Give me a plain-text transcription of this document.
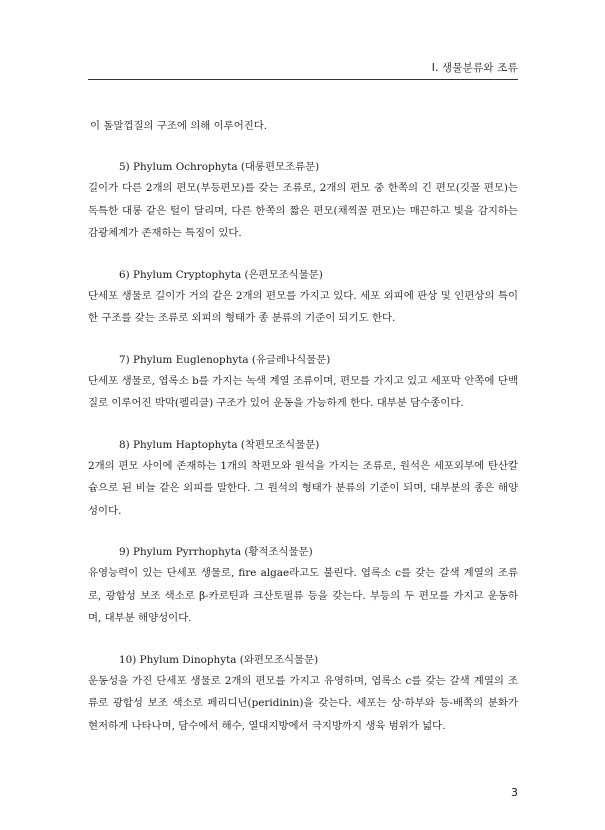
I. 생물분류와 조류

이 돌말껍질의 구조에 의해 이루어진다.

5) Phylum Ochrophyta (대롱편모조류문)

길이가 다른 2개의 편모(부등편모)를 갖는 조류로, 2개의 편모 중 한쪽의 긴 편모(깃꼴 편모)는 독특한 대롱 같은 털이 달리며, 다른 한쪽의 짧은 편모(채찍꼴 편모)는 매끈하고 빛을 감지하는 감광체계가 존재하는 특징이 있다.

6) Phylum Cryptophyta (은편모조식물문)

단세포 생물로 길이가 거의 같은 2개의 편모를 가지고 있다. 세포 외피에 판상 및 인편상의 특이한 구조를 갖는 조류로 외피의 형태가 종 분류의 기준이 되기도 한다.

7) Phylum Euglenophyta (유글레나식물문)

단세포 생물로, 엽록소 b를 가지는 녹색 계열 조류이며, 편모를 가지고 있고 세포막 안쪽에 단백질로 이루어진 박막(펠리클) 구조가 있어 운동을 가능하게 한다. 대부분 담수종이다.

8) Phylum Haptophyta (착편모조식물문)

2개의 편모 사이에 존재하는 1개의 착편모와 원석을 가지는 조류로, 원석은 세포외부에 탄산칼슘으로 된 비늘 같은 외피를 말한다. 그 원석의 형태가 분류의 기준이 되며, 대부분의 종은 해양성이다.

9) Phylum Pyrrhophyta (황적조식물문)

유영능력이 있는 단세포 생물로, fire algae라고도 불린다. 엽록소 c를 갖는 갈색 계열의 조류로, 광합성 보조 색소로 β-카로틴과 크산토필류 등을 갖는다. 부등의 두 편모를 가지고 운동하며, 대부분 해양성이다.

10) Phylum Dinophyta (와편모조식물문)

운동성을 가진 단세포 생물로 2개의 편모를 가지고 유영하며, 엽록소 c를 갖는 갈색 계열의 조류로 광합성 보조 색소로 페리디닌(peridinin)을 갖는다. 세포는 상·하부와 등-배쪽의 분화가 현저하게 나타나며, 담수에서 해수, 열대지방에서 극지방까지 생육 범위가 넓다.

3
